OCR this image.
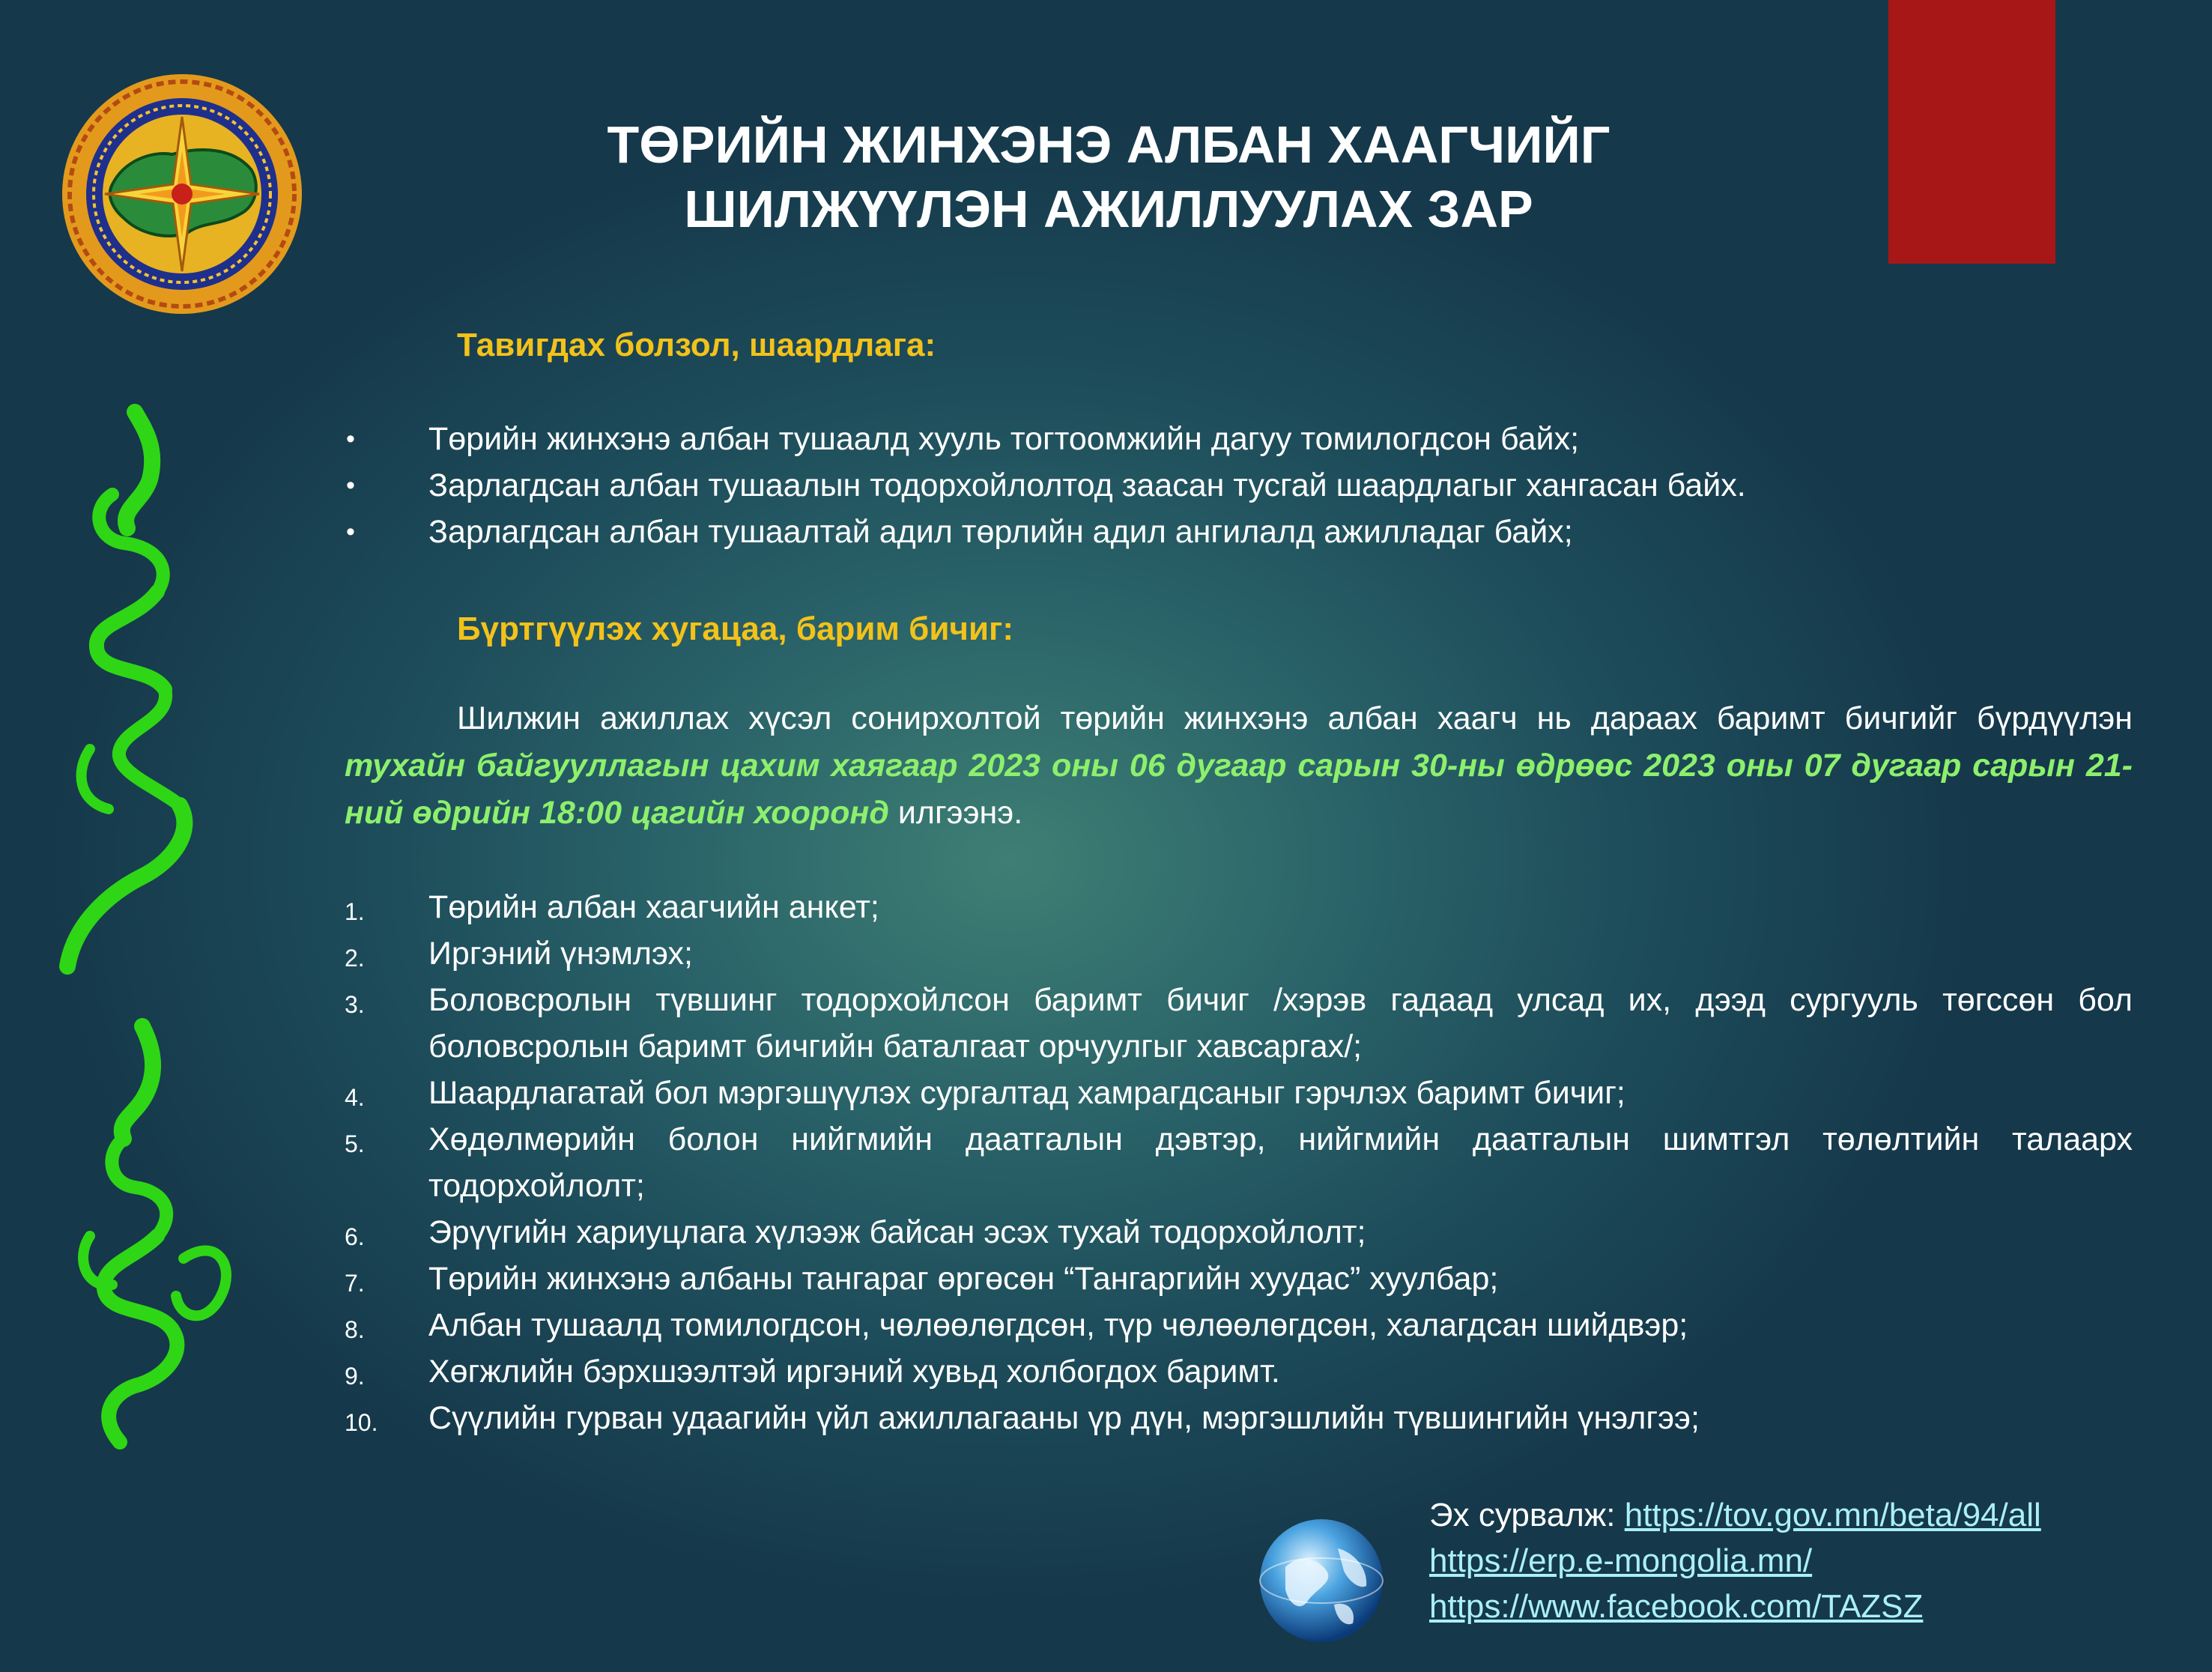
ТӨРИЙН ЖИНХЭНЭ АЛБАН ХААГЧИЙГ
ШИЛЖҮҮЛЭН АЖИЛЛУУЛАХ ЗАР
Тавигдах болзол, шаардлага:
• Төрийн жинхэнэ албан тушаалд хууль тогтоомжийн дагуу томилогдсон байх;
• Зарлагдсан албан тушаалын тодорхойлолтод заасан тусгай шаардлагыг хангасан байх.
• Зарлагдсан албан тушаалтай адил төрлийн адил ангилалд ажилладаг байх;
Бүртгүүлэх хугацаа, барим бичиг:

Шилжин ажиллах хүсэл сонирхолтой төрийн жинхэнэ албан хаагч нь дараах баримт бичгийг бүрдүүлэн тухайн байгууллагын цахим хаягаар 2023 оны 06 дугаар сарын 30-ны өдрөөс 2023 оны 07 дугаар сарын 21-ний өдрийн 18:00 цагийн хооронд илгээнэ.

1. Төрийн албан хаагчийн анкет;
2. Иргэний үнэмлэх;
3. Боловсролын түвшинг тодорхойлсон баримт бичиг /хэрэв гадаад улсад их, дээд сургууль төгссөн бол боловсролын баримт бичгийн баталгаат орчуулгыг хавсаргах/;
4. Шаардлагатай бол мэргэшүүлэх сургалтад хамрагдсаныг гэрчлэх баримт бичиг;
5. Хөдөлмөрийн болон нийгмийн даатгалын дэвтэр, нийгмийн даатгалын шимтгэл төлөлтийн талаарх тодорхойлолт;
6. Эрүүгийн хариуцлага хүлээж байсан эсэх тухай тодорхойлолт;
7. Төрийн жинхэнэ албаны тангараг өргөсөн “Тангаргийн хуудас” хуулбар;
8. Албан тушаалд томилогдсон, чөлөөлөгдсөн, түр чөлөөлөгдсөн, халагдсан шийдвэр;
9. Хөгжлийн бэрхшээлтэй иргэний хувьд холбогдох баримт.
10. Сүүлийн гурван удаагийн үйл ажиллагааны үр дүн, мэргэшлийн түвшингийн үнэлгээ;
Эх сурвалж: https://tov.gov.mn/beta/94/all
https://erp.e-mongolia.mn/
https://www.facebook.com/TAZSZ
